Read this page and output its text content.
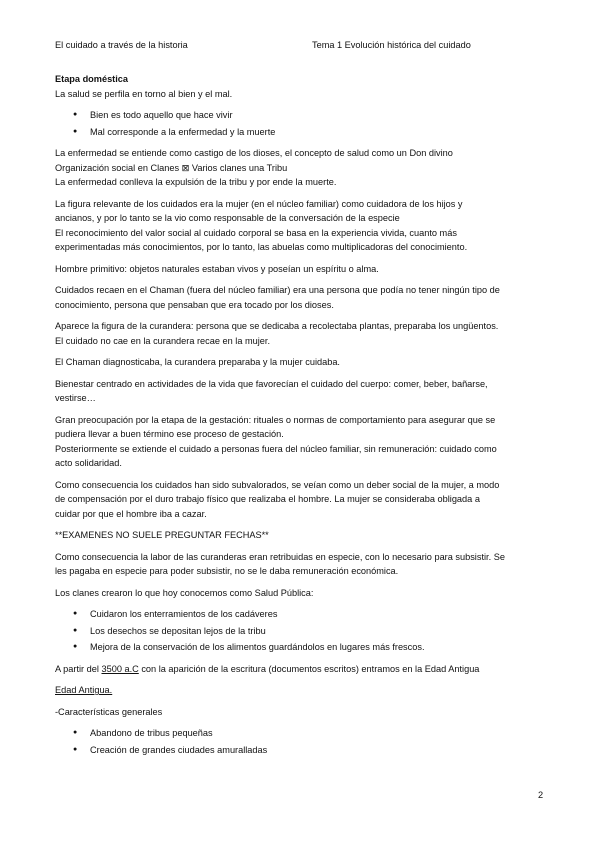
El cuidado a través de la historia	Tema 1 Evolución histórica del cuidado

Etapa doméstica

La salud se perfila en torno al bien y el mal.

● Bien es todo aquello que hace vivir
● Mal corresponde a la enfermedad y la muerte

La enfermedad se entiende como castigo de los dioses, el concepto de salud como un Don divino
Organización social en Clanes ⊠ Varios clanes una Tribu
La enfermedad conlleva la expulsión de la tribu y por ende la muerte.

La figura relevante de los cuidados era la mujer (en el núcleo familiar) como cuidadora de los hijos y
ancianos, y por lo tanto se la vio como responsable de la conversación de la especie
El reconocimiento del valor social al cuidado corporal se basa en la experiencia vivida, cuanto más
experimentadas más conocimientos, por lo tanto, las abuelas como multiplicadoras del conocimiento.

Hombre primitivo: objetos naturales estaban vivos y poseían un espíritu o alma.

Cuidados recaen en el Chaman (fuera del núcleo familiar) era una persona que podía no tener ningún tipo de
conocimiento, persona que pensaban que era tocado por los dioses.

Aparece la figura de la curandera: persona que se dedicaba a recolectaba plantas, preparaba los ungüentos.
El cuidado no cae en la curandera recae en la mujer.

El Chaman diagnosticaba, la curandera preparaba y la mujer cuidaba.

Bienestar centrado en actividades de la vida que favorecían el cuidado del cuerpo: comer, beber, bañarse,
vestirse…

Gran preocupación por la etapa de la gestación: rituales o normas de comportamiento para asegurar que se
pudiera llevar a buen término ese proceso de gestación.
Posteriormente se extiende el cuidado a personas fuera del núcleo familiar, sin remuneración: cuidado como
acto solidaridad.

Como consecuencia los cuidados han sido subvalorados, se veían como un deber social de la mujer, a modo
de compensación por el duro trabajo físico que realizaba el hombre. La mujer se consideraba obligada a
cuidar por que el hombre iba a cazar.

**EXAMENES NO SUELE PREGUNTAR FECHAS**

Como consecuencia la labor de las curanderas eran retribuidas en especie, con lo necesario para subsistir. Se
les pagaba en especie para poder subsistir, no se le daba remuneración económica.

Los clanes crearon lo que hoy conocemos como Salud Pública:

● Cuidaron los enterramientos de los cadáveres
● Los desechos se depositan lejos de la tribu
● Mejora de la conservación de los alimentos guardándolos en lugares más frescos.

A partir del 3500 a.C con la aparición de la escritura (documentos escritos) entramos en la Edad Antigua

Edad Antigua.

-Características generales

● Abandono de tribus pequeñas
● Creación de grandes ciudades amuralladas
2
